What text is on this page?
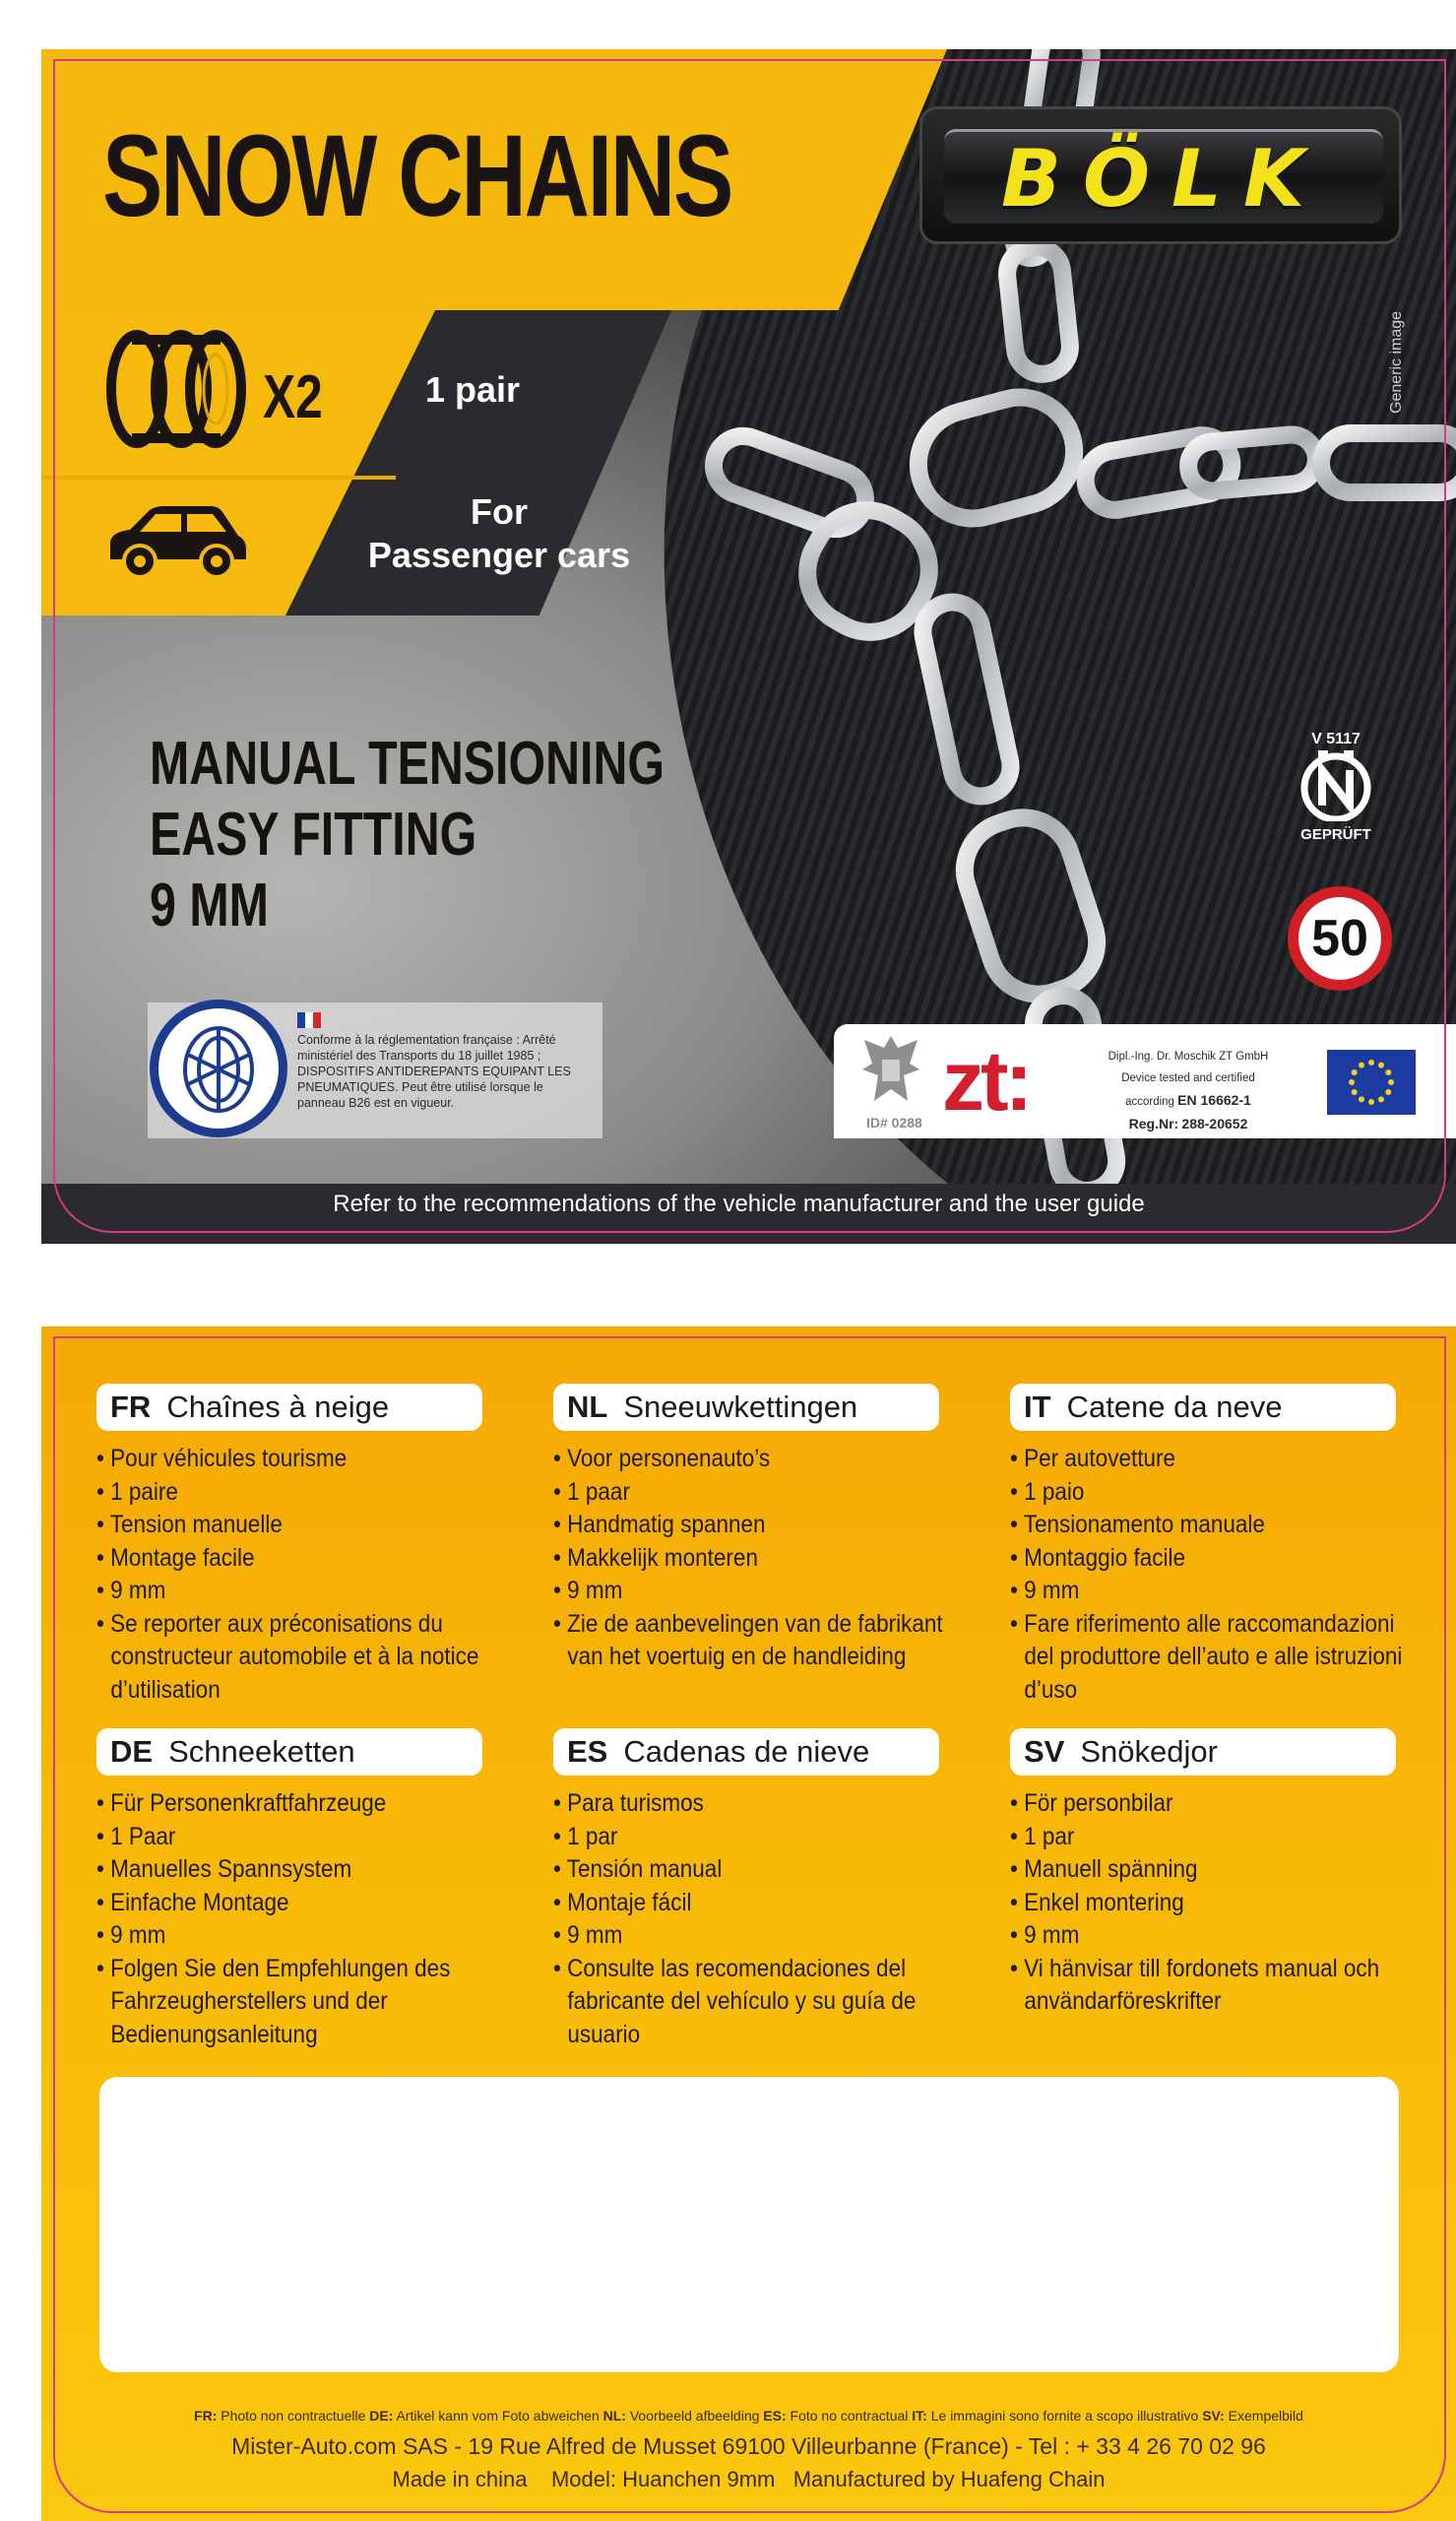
SNOW CHAINS
X2	1 pair
For
Passenger cars
MANUAL TENSIONING
EASY FITTING
9 MM
Conforme à la réglementation française : Arrêté ministériel des Transports du 18 juillet 1985 ; DISPOSITIFS ANTIDEREPANTS EQUIPANT LES PNEUMATIQUES. Peut être utilisé lorsque le panneau B26 est en vigueur.
BÖLK
Generic image
V 5117
GEPRÜFT
50
ID# 0288 zt:	Dipl.-Ing. Dr. Moschik ZT GmbH
Device tested and certified
according EN 16662-1
Reg.Nr: 288-20652
Refer to the recommendations of the vehicle manufacturer and the user guide
FR Chaînes à neige
• Pour véhicules tourisme
• 1 paire
• Tension manuelle
• Montage facile
• 9 mm
• Se reporter aux préconisations du constructeur automobile et à la notice d’utilisation
NL Sneeuwkettingen
• Voor personenauto’s
• 1 paar
• Handmatig spannen
• Makkelijk monteren
• 9 mm
• Zie de aanbevelingen van de fabrikant van het voertuig en de handleiding
IT Catene da neve
• Per autovetture
• 1 paio
• Tensionamento manuale
• Montaggio facile
• 9 mm
• Fare riferimento alle raccomandazioni del produttore dell’auto e alle istruzioni d’uso
DE Schneeketten
• Für Personenkraftfahrzeuge
• 1 Paar
• Manuelles Spannsystem
• Einfache Montage
• 9 mm
• Folgen Sie den Empfehlungen des Fahrzeugherstellers und der Bedienungsanleitung
ES Cadenas de nieve
• Para turismos
• 1 par
• Tensión manual
• Montaje fácil
• 9 mm
• Consulte las recomendaciones del fabricante del vehículo y su guía de usuario
SV Snökedjor
• För personbilar
• 1 par
• Manuell spänning
• Enkel montering
• 9 mm
• Vi hänvisar till fordonets manual och användarföreskrifter
FR: Photo non contractuelle DE: Artikel kann vom Foto abweichen NL: Voorbeeld afbeelding ES: Foto no contractual IT: Le immagini sono fornite a scopo illustrativo SV: Exempelbild
Mister-Auto.com SAS - 19 Rue Alfred de Musset 69100 Villeurbanne (France) - Tel : + 33 4 26 70 02 96
Made in china Model: Huanchen 9mm Manufactured by Huafeng Chain
